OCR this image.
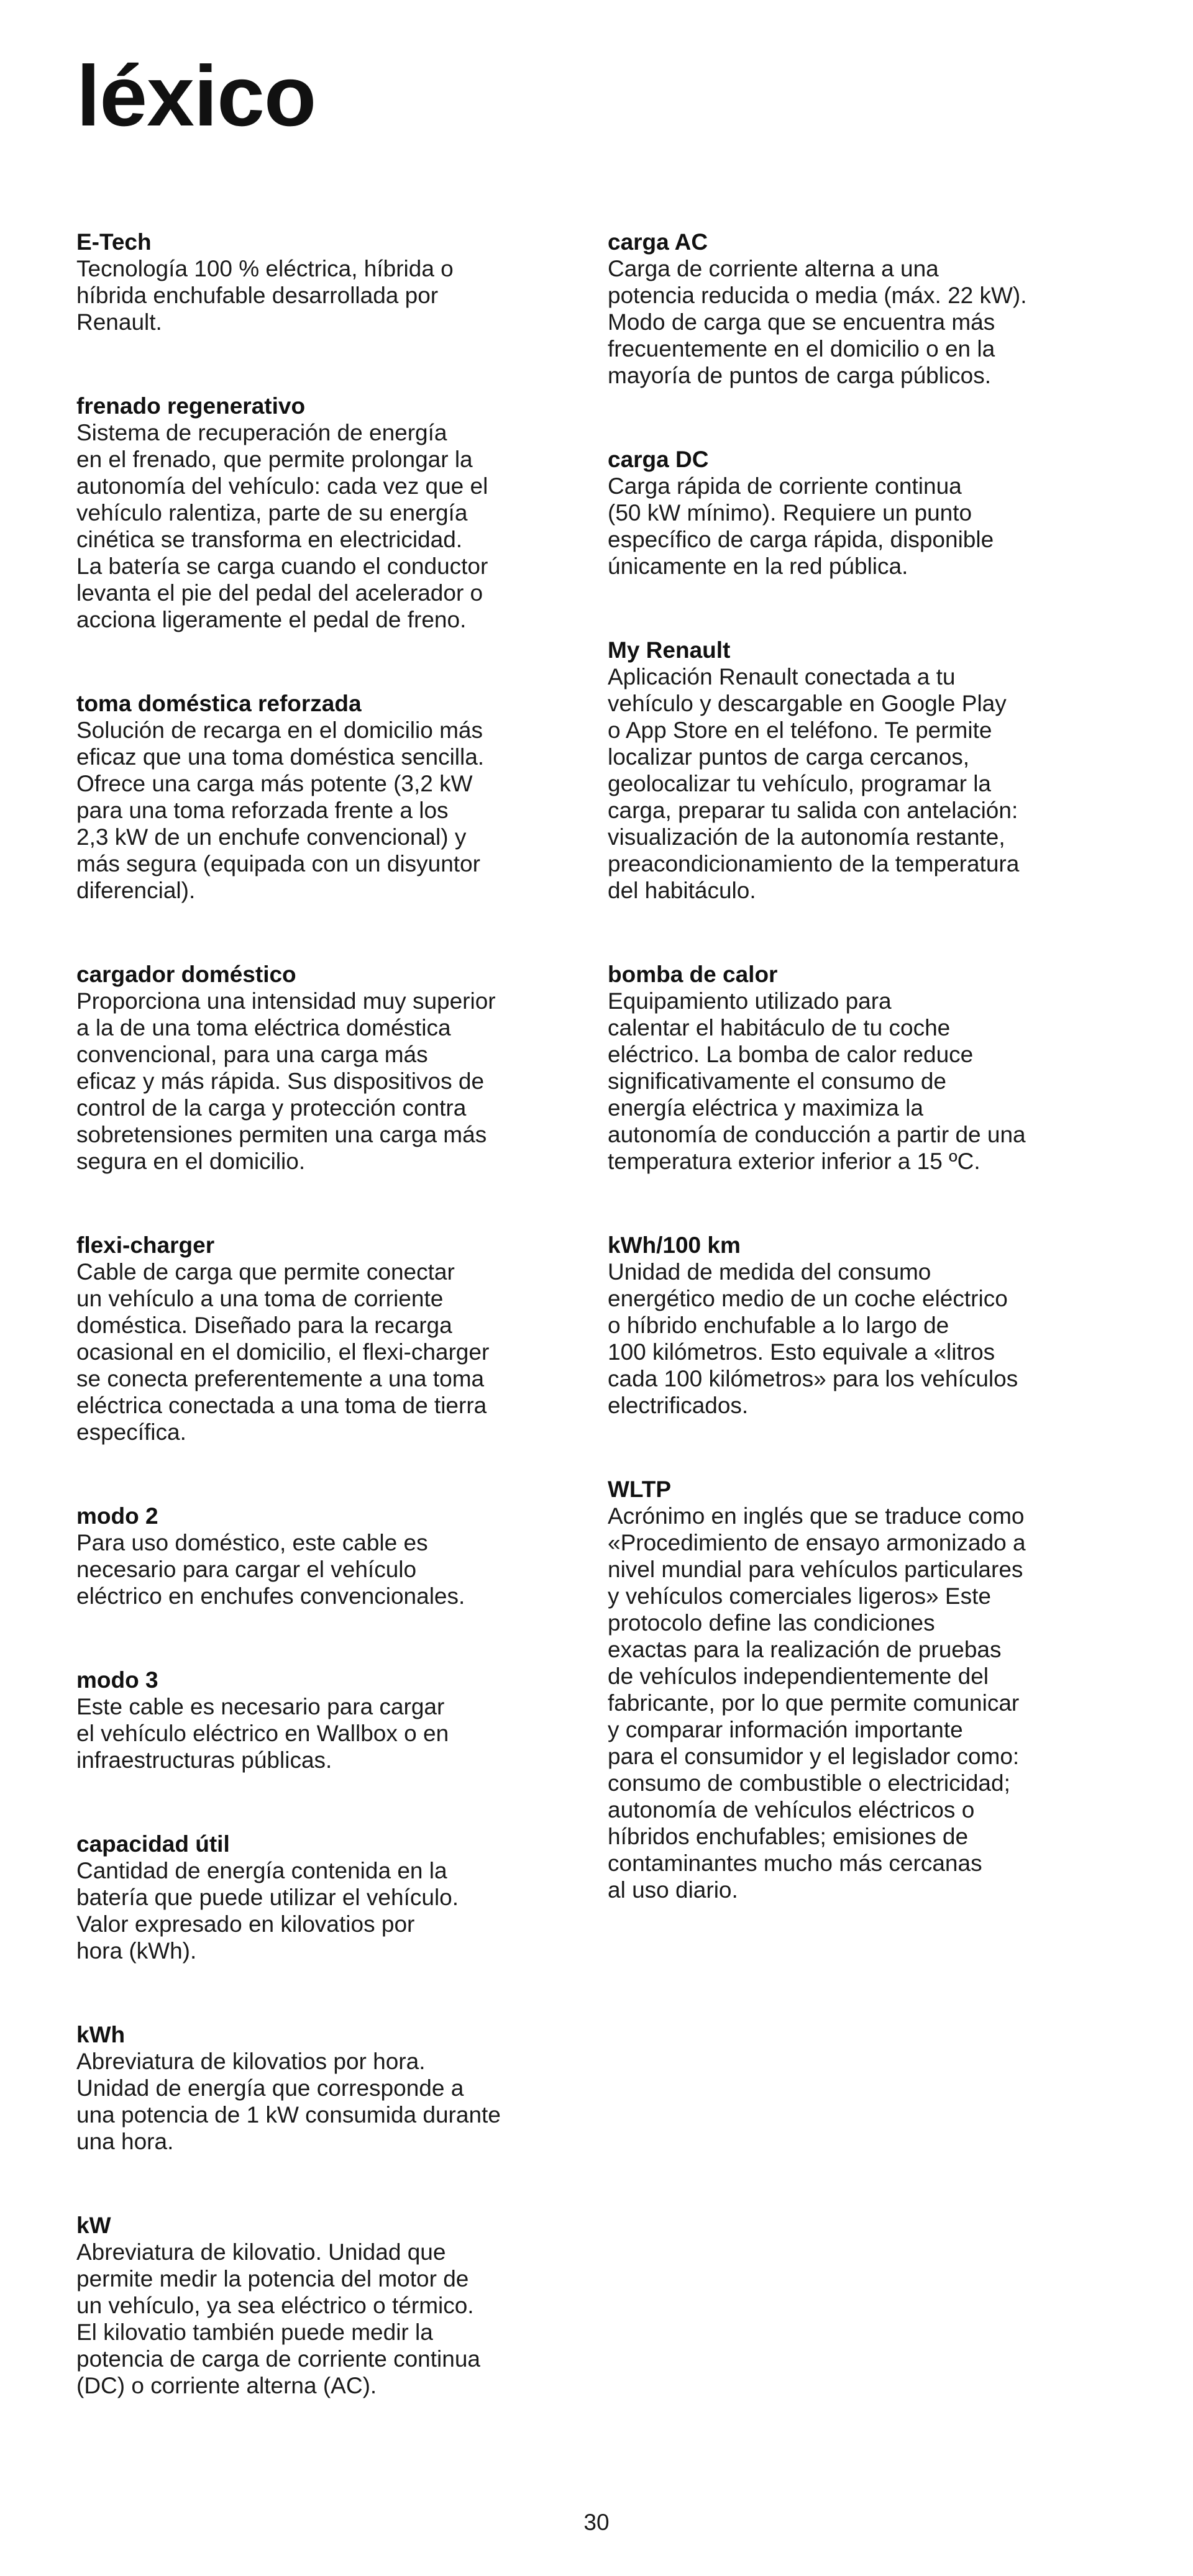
léxico

E-Tech

Tecnología 100 % eléctrica, híbrida o
híbrida enchufable desarrollada por
Renault.

frenado regenerativo

Sistema de recuperación de energía
en el frenado, que permite prolongar la
autonomía del vehículo: cada vez que el
vehículo ralentiza, parte de su energía
cinética se transforma en electricidad.
La batería se carga cuando el conductor
levanta el pie del pedal del acelerador o
acciona ligeramente el pedal de freno.

toma doméstica reforzada

Solución de recarga en el domicilio más
eficaz que una toma doméstica sencilla.
Ofrece una carga más potente (3,2 kW
para una toma reforzada frente a los
2,3 kW de un enchufe convencional) y
más segura (equipada con un disyuntor
diferencial).

cargador doméstico

Proporciona una intensidad muy superior
a la de una toma eléctrica doméstica
convencional, para una carga más
eficaz y más rápida. Sus dispositivos de
control de la carga y protección contra
sobretensiones permiten una carga más
segura en el domicilio.

flexi-charger

Cable de carga que permite conectar
un vehículo a una toma de corriente
doméstica. Diseñado para la recarga
ocasional en el domicilio, el flexi-charger
se conecta preferentemente a una toma
eléctrica conectada a una toma de tierra
específica.

modo 2

Para uso doméstico, este cable es
necesario para cargar el vehículo
eléctrico en enchufes convencionales.

modo 3

Este cable es necesario para cargar
el vehículo eléctrico en Wallbox o en
infraestructuras públicas.

capacidad útil

Cantidad de energía contenida en la
batería que puede utilizar el vehículo.
Valor expresado en kilovatios por
hora (kWh).

kWh

Abreviatura de kilovatios por hora.
Unidad de energía que corresponde a
una potencia de 1 kW consumida durante
una hora.

kW

Abreviatura de kilovatio. Unidad que
permite medir la potencia del motor de
un vehículo, ya sea eléctrico o térmico.
El kilovatio también puede medir la
potencia de carga de corriente continua
(DC) o corriente alterna (AC).

carga AC

Carga de corriente alterna a una
potencia reducida o media (máx. 22 kW).
Modo de carga que se encuentra más
frecuentemente en el domicilio o en la
mayoría de puntos de carga públicos.

carga DC

Carga rápida de corriente continua
(50 kW mínimo). Requiere un punto
específico de carga rápida, disponible
únicamente en la red pública.

My Renault

Aplicación Renault conectada a tu
vehículo y descargable en Google Play
o App Store en el teléfono. Te permite
localizar puntos de carga cercanos,
geolocalizar tu vehículo, programar la
carga, preparar tu salida con antelación:
visualización de la autonomía restante,
preacondicionamiento de la temperatura
del habitáculo.

bomba de calor

Equipamiento utilizado para
calentar el habitáculo de tu coche
eléctrico. La bomba de calor reduce
significativamente el consumo de
energía eléctrica y maximiza la
autonomía de conducción a partir de una
temperatura exterior inferior a 15 ºC.

kWh/100 km

Unidad de medida del consumo
energético medio de un coche eléctrico
o híbrido enchufable a lo largo de
100 kilómetros. Esto equivale a «litros
cada 100 kilómetros» para los vehículos
electrificados.

WLTP

Acrónimo en inglés que se traduce como
«Procedimiento de ensayo armonizado a
nivel mundial para vehículos particulares
y vehículos comerciales ligeros» Este
protocolo define las condiciones
exactas para la realización de pruebas
de vehículos independientemente del
fabricante, por lo que permite comunicar
y comparar información importante
para el consumidor y el legislador como:
consumo de combustible o electricidad;
autonomía de vehículos eléctricos o
híbridos enchufables; emisiones de
contaminantes mucho más cercanas
al uso diario.

30
